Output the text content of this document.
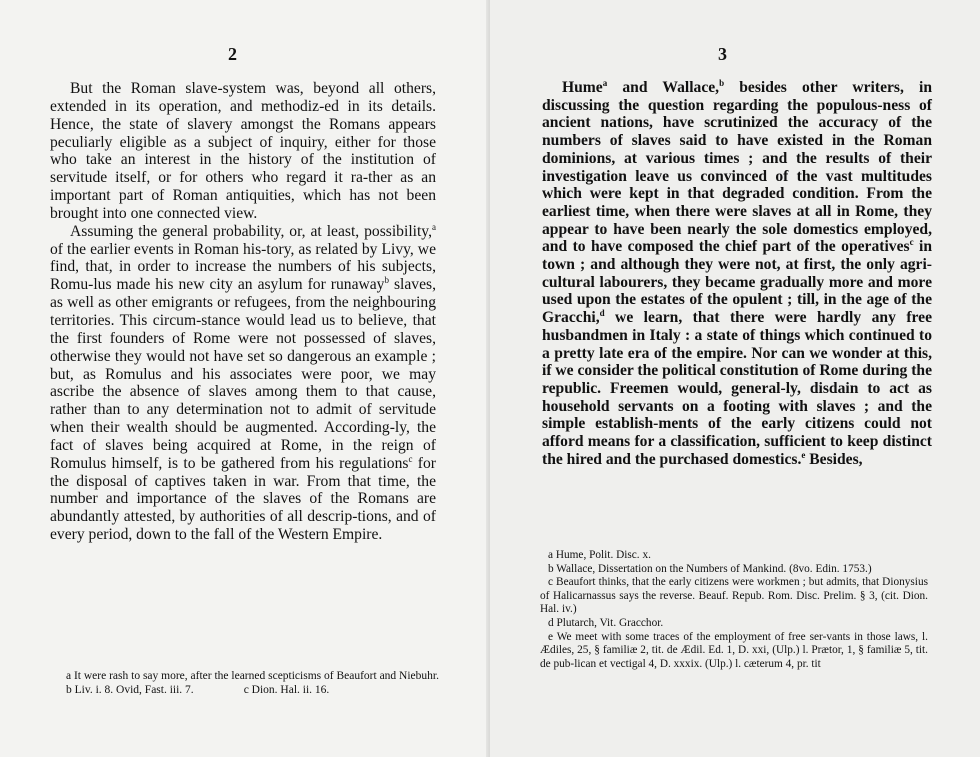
2

But the Roman slave-system was, beyond all others, extended in its operation, and methodiz-ed in its details. Hence, the state of slavery amongst the Romans appears peculiarly eligible as a subject of inquiry, either for those who take an interest in the history of the institution of servitude itself, or for others who regard it ra-ther as an important part of Roman antiquities, which has not been brought into one connected view.

Assuming the general probability, or, at least, possibility,$^a$ of the earlier events in Roman his-tory, as related by Livy, we find, that, in order to increase the numbers of his subjects, Romu-lus made his new city an asylum for runaway$^b$ slaves, as well as other emigrants or refugees, from the neighbouring territories. This circum-stance would lead us to believe, that the first founders of Rome were not possessed of slaves, otherwise they would not have set so dangerous an example ; but, as Romulus and his associates were poor, we may ascribe the absence of slaves among them to that cause, rather than to any determination not to admit of servitude when their wealth should be augmented. According-ly, the fact of slaves being acquired at Rome, in the reign of Romulus himself, is to be gathered from his regulations$^c$ for the disposal of captives taken in war. From that time, the number and importance of the slaves of the Romans are abundantly attested, by authorities of all descrip-tions, and of every period, down to the fall of the Western Empire.

a It were rash to say more, after the learned scepticisms of Beaufort and Niebuhr.

b Liv. i. 8. Ovid, Fast. iii. 7.	c Dion. Hal. ii. 16.
3

Hume$^a$ and Wallace,$^b$ besides other writers, in discussing the question regarding the populous-ness of ancient nations, have scrutinized the accuracy of the numbers of slaves said to have existed in the Roman dominions, at various times ; and the results of their investigation leave us convinced of the vast multitudes which were kept in that degraded condition. From the earliest time, when there were slaves at all in Rome, they appear to have been nearly the sole domestics employed, and to have composed the chief part of the operatives$^c$ in town ; and although they were not, at first, the only agri-cultural labourers, they became gradually more and more used upon the estates of the opulent ; till, in the age of the Gracchi,$^d$ we learn, that there were hardly any free husbandmen in Italy : a state of things which continued to a pretty late era of the empire. Nor can we wonder at this, if we consider the political constitution of Rome during the republic. Freemen would, general-ly, disdain to act as household servants on a footing with slaves ; and the simple establish-ments of the early citizens could not afford means for a classification, sufficient to keep distinct the hired and the purchased domestics.$^e$ Besides,

a Hume, Polit. Disc. x.

b Wallace, Dissertation on the Numbers of Mankind. (8vo. Edin. 1753.)

c Beaufort thinks, that the early citizens were workmen ; but admits, that Dionysius of Halicarnassus says the reverse. Beauf. Repub. Rom. Disc. Prelim. § 3, (cit. Dion. Hal. iv.)

d Plutarch, Vit. Gracchor.

e We meet with some traces of the employment of free ser-vants in those laws, l. Ædiles, 25, § familiæ 2, tit. de Ædil. Ed. 1, D. xxi, (Ulp.) l. Prætor, 1, § familiæ 5, tit. de pub-lican et vectigal 4, D. xxxix. (Ulp.) l. cæterum 4, pr. tit
